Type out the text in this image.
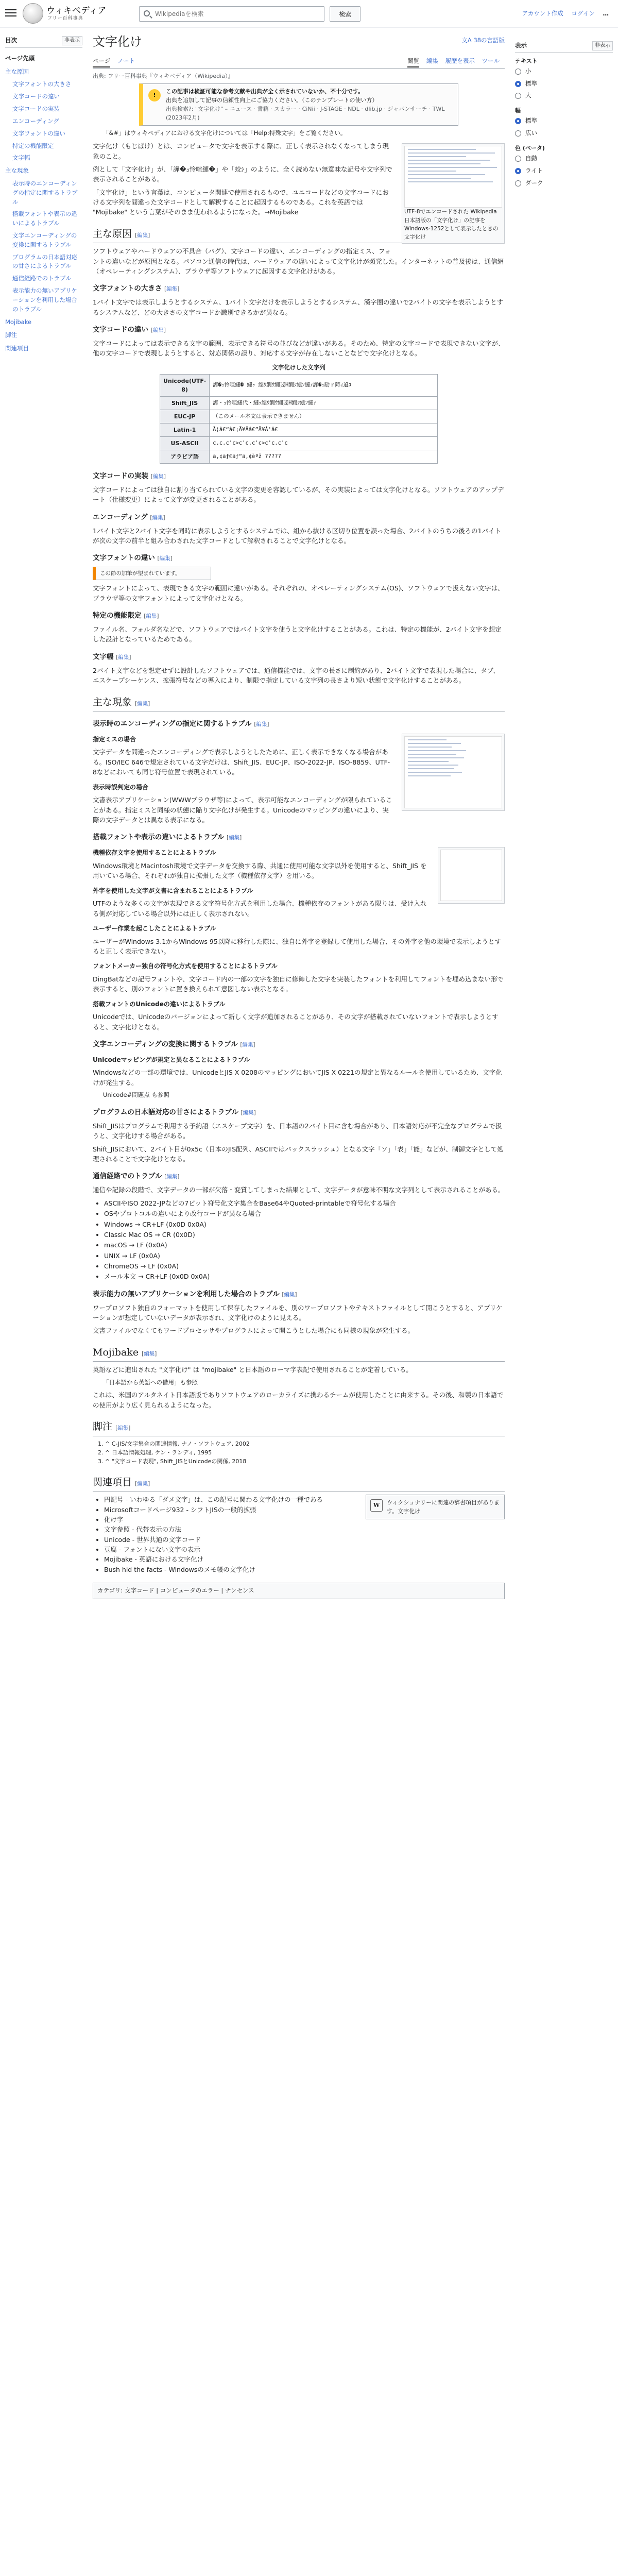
ウィキペディア
フリー百科事典
Wikipediaを検索
検索	アカウント作成 ログイン …
目次	非表示
ページ先頭
主な原因
文字フォントの大きさ
文字コードの違い
文字コードの実装
エンコーディング
文字フォントの違い
特定の機能限定
文字幅
主な現象
表示時のエンコーディングの指定に関するトラブル
搭載フォントや表示の違いによるトラブル
文字エンコーディングの変換に関するトラブル
プログラムの日本語対応の甘さによるトラブル
通信経路でのトラブル
表示能力の無いアプリケーションを利用した場合のトラブル
Mojibake
脚注
関連項目
文字化け	文A 38の言語版
ページ ノート	閲覧 編集 履歴を表示 ツール
出典: フリー百科事典『ウィキペディア（Wikipedia）』
!
この記事は検証可能な参考文献や出典が全く示されていないか、不十分です。
出典を追加して記事の信頼性向上にご協力ください。（このテンプレートの使い方）
出典検索?: "文字化け" – ニュース · 書籍 · スカラー · CiNii · J-STAGE · NDL · dlib.jp · ジャパンサーチ · TWL (2023年2月)
「&#」はウィキペディアにおける文字化けについては「Help:特殊文字」をご覧ください。
UTF-8でエンコードされた Wikipedia日本語版の「文字化け」の記事を Windows-1252として表示したときの文字化け

文字化け（もじばけ）とは、コンピュータで文字を表示する際に、正しく表示されなくなってしまう現象のこと。

例として「文字化け」が、「譁�ｭ怜喧縺�」や「蛟ｼ」のように、全く読めない無意味な記号や文字列で表示されることがある。

「文字化け」という言葉は、コンピュータ関連で使用されるもので、ユニコードなどの文字コードにおける文字列を間違った文字コードとして解釈することに起因するものである。これを英語では "Mojibake" という言葉がそのまま使われるようになった。→Mojibake

主な原因 [編集]

ソフトウェアやハードウェアの不具合（バグ）、文字コードの違い、エンコーディングの指定ミス、フォントの違いなどが原因となる。パソコン通信の時代は、ハードウェアの違いによって文字化けが頻発した。インターネットの普及後は、通信網（オペレーティングシステム）、ブラウザ等ソフトウェアに起因する文字化けがある。

文字フォントの大きさ [編集]

1バイト文字では表示しようとするシステム、1バイト文字だけを表示しようとするシステム、漢字圏の違いで2バイトの文字を表示しようとするシステムなど、どの大きさの文字コードか識別できるかが異なる。

文字コードの違い [編集]

文字コードによっては表示できる文字の範囲、表示できる符号の並びなどが違いがある。そのため、特定の文字コードで表現できない文字が、他の文字コードで表現しようとすると、対応関係の誤り、対応する文字が存在しないことなどで文字化けとなる。

文字化けした文字列
Unicode(UTF-8)	譁�ｭ怜喧縺� 縺ｯ 繧ｳ繝ｳ繝斐Η繝ｼ繧ｿ縺ｧ譁�ｭ励ｒ陦ｨ遉ｺ
Shift_JIS	譁・ｭ怜喧縺代・縺ｯ繧ｳ繝ｳ繝斐Η繝ｼ繧ｿ縺ｧ
EUC-JP	（このメール本文は表示できません）
Latin-1	Ã¦â€“â€¡Ã¥Ââ€”Ã¥Å'â€
US-ASCII	c.c.c'c>c'c.c'c>c'c.c'c
アラビア語	ã‚¢ãƒ©ãƒ“ã‚¢èªž ?????
文字コードの実装 [編集]

文字コードによっては独自に割り当てられている文字の変更を容認しているが、その実装によっては文字化けとなる。ソフトウェアのアップデート（仕様変更）によって文字が変更されることがある。

エンコーディング [編集]

1バイト文字と2バイト文字を同時に表示しようとするシステムでは、組から抜ける区切り位置を誤った場合、2バイトのうちの後ろの1バイトが次の文字の前半と組み合わされた文字コードとして解釈されることで文字化けとなる。

文字フォントの違い [編集]
この節の加筆が望まれています。

文字フォントによって、表現できる文字の範囲に違いがある。それぞれの、オペレーティングシステム(OS)、ソフトウェアで扱えない文字は、ブラウザ等の文字フォントによって文字化けとなる。

特定の機能限定 [編集]

ファイル名、フォルダ名などで、ソフトウェアではバイト文字を使うと文字化けすることがある。これは、特定の機能が、2バイト文字を想定した設計となっているためである。

文字幅 [編集]

2バイト文字などを想定せずに設計したソフトウェアでは、通信機能では、文字の長さに制約があり、2バイト文字で表現した場合に、タブ、エスケープシーケンス、拡張符号などの導入により、制限で指定している文字列の長さより短い状態で文字化けすることがある。

主な現象 [編集]
表示時のエンコーディングの指定に関するトラブル [編集]
指定ミスの場合

文字データを間違ったエンコーディングで表示しようとしたために、正しく表示できなくなる場合がある。ISO/IEC 646で規定されている文字だけは、Shift_JIS、EUC-JP、ISO-2022-JP、ISO-8859、UTF-8などにおいても同じ符号位置で表現されている。

表示時誤判定の場合

文書表示アプリケーション(WWWブラウザ等)によって、表示可能なエンコーディングが限られていることがある。指定ミスと同様の状態に陥り文字化けが発生する。Unicodeのマッピングの違いにより、実際の文字データとは異なる表示になる。

搭載フォントや表示の違いによるトラブル [編集]
機種依存文字を使用することによるトラブル

Windows環境とMacintosh環境で文字データを交換する際、共通に使用可能な文字以外を使用すると、Shift_JIS を用いている場合、それぞれが独自に拡張した文字（機種依存文字）を用いる。

外字を使用した文字が文書に含まれることによるトラブル

UTFのような多くの文字が表現できる文字符号化方式を利用した場合、機種依存のフォントがある限りは、受け入れる側が対応している場合以外には正しく表示されない。

ユーザー作業を起こしたことによるトラブル

ユーザーがWindows 3.1からWindows 95以降に移行した際に、独自に外字を登録して使用した場合、その外字を他の環境で表示しようとすると正しく表示できない。

フォントメーカー独自の符号化方式を使用することによるトラブル

DingBatなどの記号フォントや、文字コード内の一部の文字を独自に修飾した文字を実装したフォントを利用してフォントを埋め込まない形で表示すると、別のフォントに置き換えられて意図しない表示となる。

搭載フォントのUnicodeの違いによるトラブル

Unicodeでは、Unicodeのバージョンによって新しく文字が追加されることがあり、その文字が搭載されていないフォントで表示しようとすると、文字化けとなる。

文字エンコーディングの変換に関するトラブル [編集]
Unicodeマッピングが規定と異なることによるトラブル

Windowsなどの一部の環境では、UnicodeとJIS X 0208のマッピングにおいてJIS X 0221の規定と異なるルールを使用しているため、文字化けが発生する。

Unicode#問題点 も参照
プログラムの日本語対応の甘さによるトラブル [編集]

Shift_JISはプログラムで利用する予約語（エスケープ文字）を、日本語の2バイト目に含む場合があり、日本語対応が不完全なプログラムで扱うと、文字化けする場合がある。

Shift_JISにおいて、2バイト目が0x5c（日本のJIS配列、ASCIIではバックスラッシュ）となる文字「ソ」「表」「能」などが、制御文字として処理されることで文字化けとなる。

通信経路でのトラブル [編集]

通信や記録の段階で、文字データの一部が欠落・変質してしまった結果として、文字データが意味不明な文字列として表示されることがある。

• ASCIIやISO 2022-JPなどの7ビット符号化文字集合をBase64やQuoted-printableで符号化する場合
• OSやプロトコルの違いにより改行コードが異なる場合
• Windows → CR+LF (0x0D 0x0A)
• Classic Mac OS → CR (0x0D)
• macOS → LF (0x0A)
• UNIX → LF (0x0A)
• ChromeOS → LF (0x0A)
• メール本文 → CR+LF (0x0D 0x0A)
表示能力の無いアプリケーションを利用した場合のトラブル [編集]

ワープロソフト独自のフォーマットを使用して保存したファイルを、別のワープロソフトやテキストファイルとして開こうとすると、アプリケーションが想定していないデータが表示され、文字化けのように見える。

文書ファイルでなくてもワードプロセッサやプログラムによって開こうとした場合にも同様の現象が発生する。

Mojibake [編集]

英語などに進出された "文字化け" は "mojibake" と日本語のローマ字表記で使用されることが定着している。

「日本語から英語への借用」も参照

これは、米国のアルタネイト日本語版でありソフトウェアのローカライズに携わるチームが使用したことに由来する。その後、和製の日本語での使用がより広く見られるようになった。

脚注 [編集]
1. ^ C-JIS/文字集合の関連情報, ナノ・ソフトウェア, 2002
2. ^ 日本語情報処理, ケン・ランディ, 1995
3. ^ "文字コード表現", Shift_JISとUnicodeの関係, 2018
関連項目 [編集]
W	ウィクショナリーに関連の辞書項目があります。文字化け
• 円記号 - いわゆる「ダメ文字」は、この記号に関わる文字化けの一種である
• Microsoftコードページ932 - シフトJISの一般的拡張
• 化け字
• 文字参照 - 代替表示の方法
• Unicode - 世界共通の文字コード
• 豆腐 - フォントにない文字の表示
• Mojibake - 英語における文字化け
• Bush hid the facts - Windowsのメモ帳の文字化け
カテゴリ: 文字コード | コンピュータのエラー | ナンセンス
表示	非表示
テキスト
小
標準
大
幅
標準
広い
色 (ベータ)
自動
ライト
ダーク
